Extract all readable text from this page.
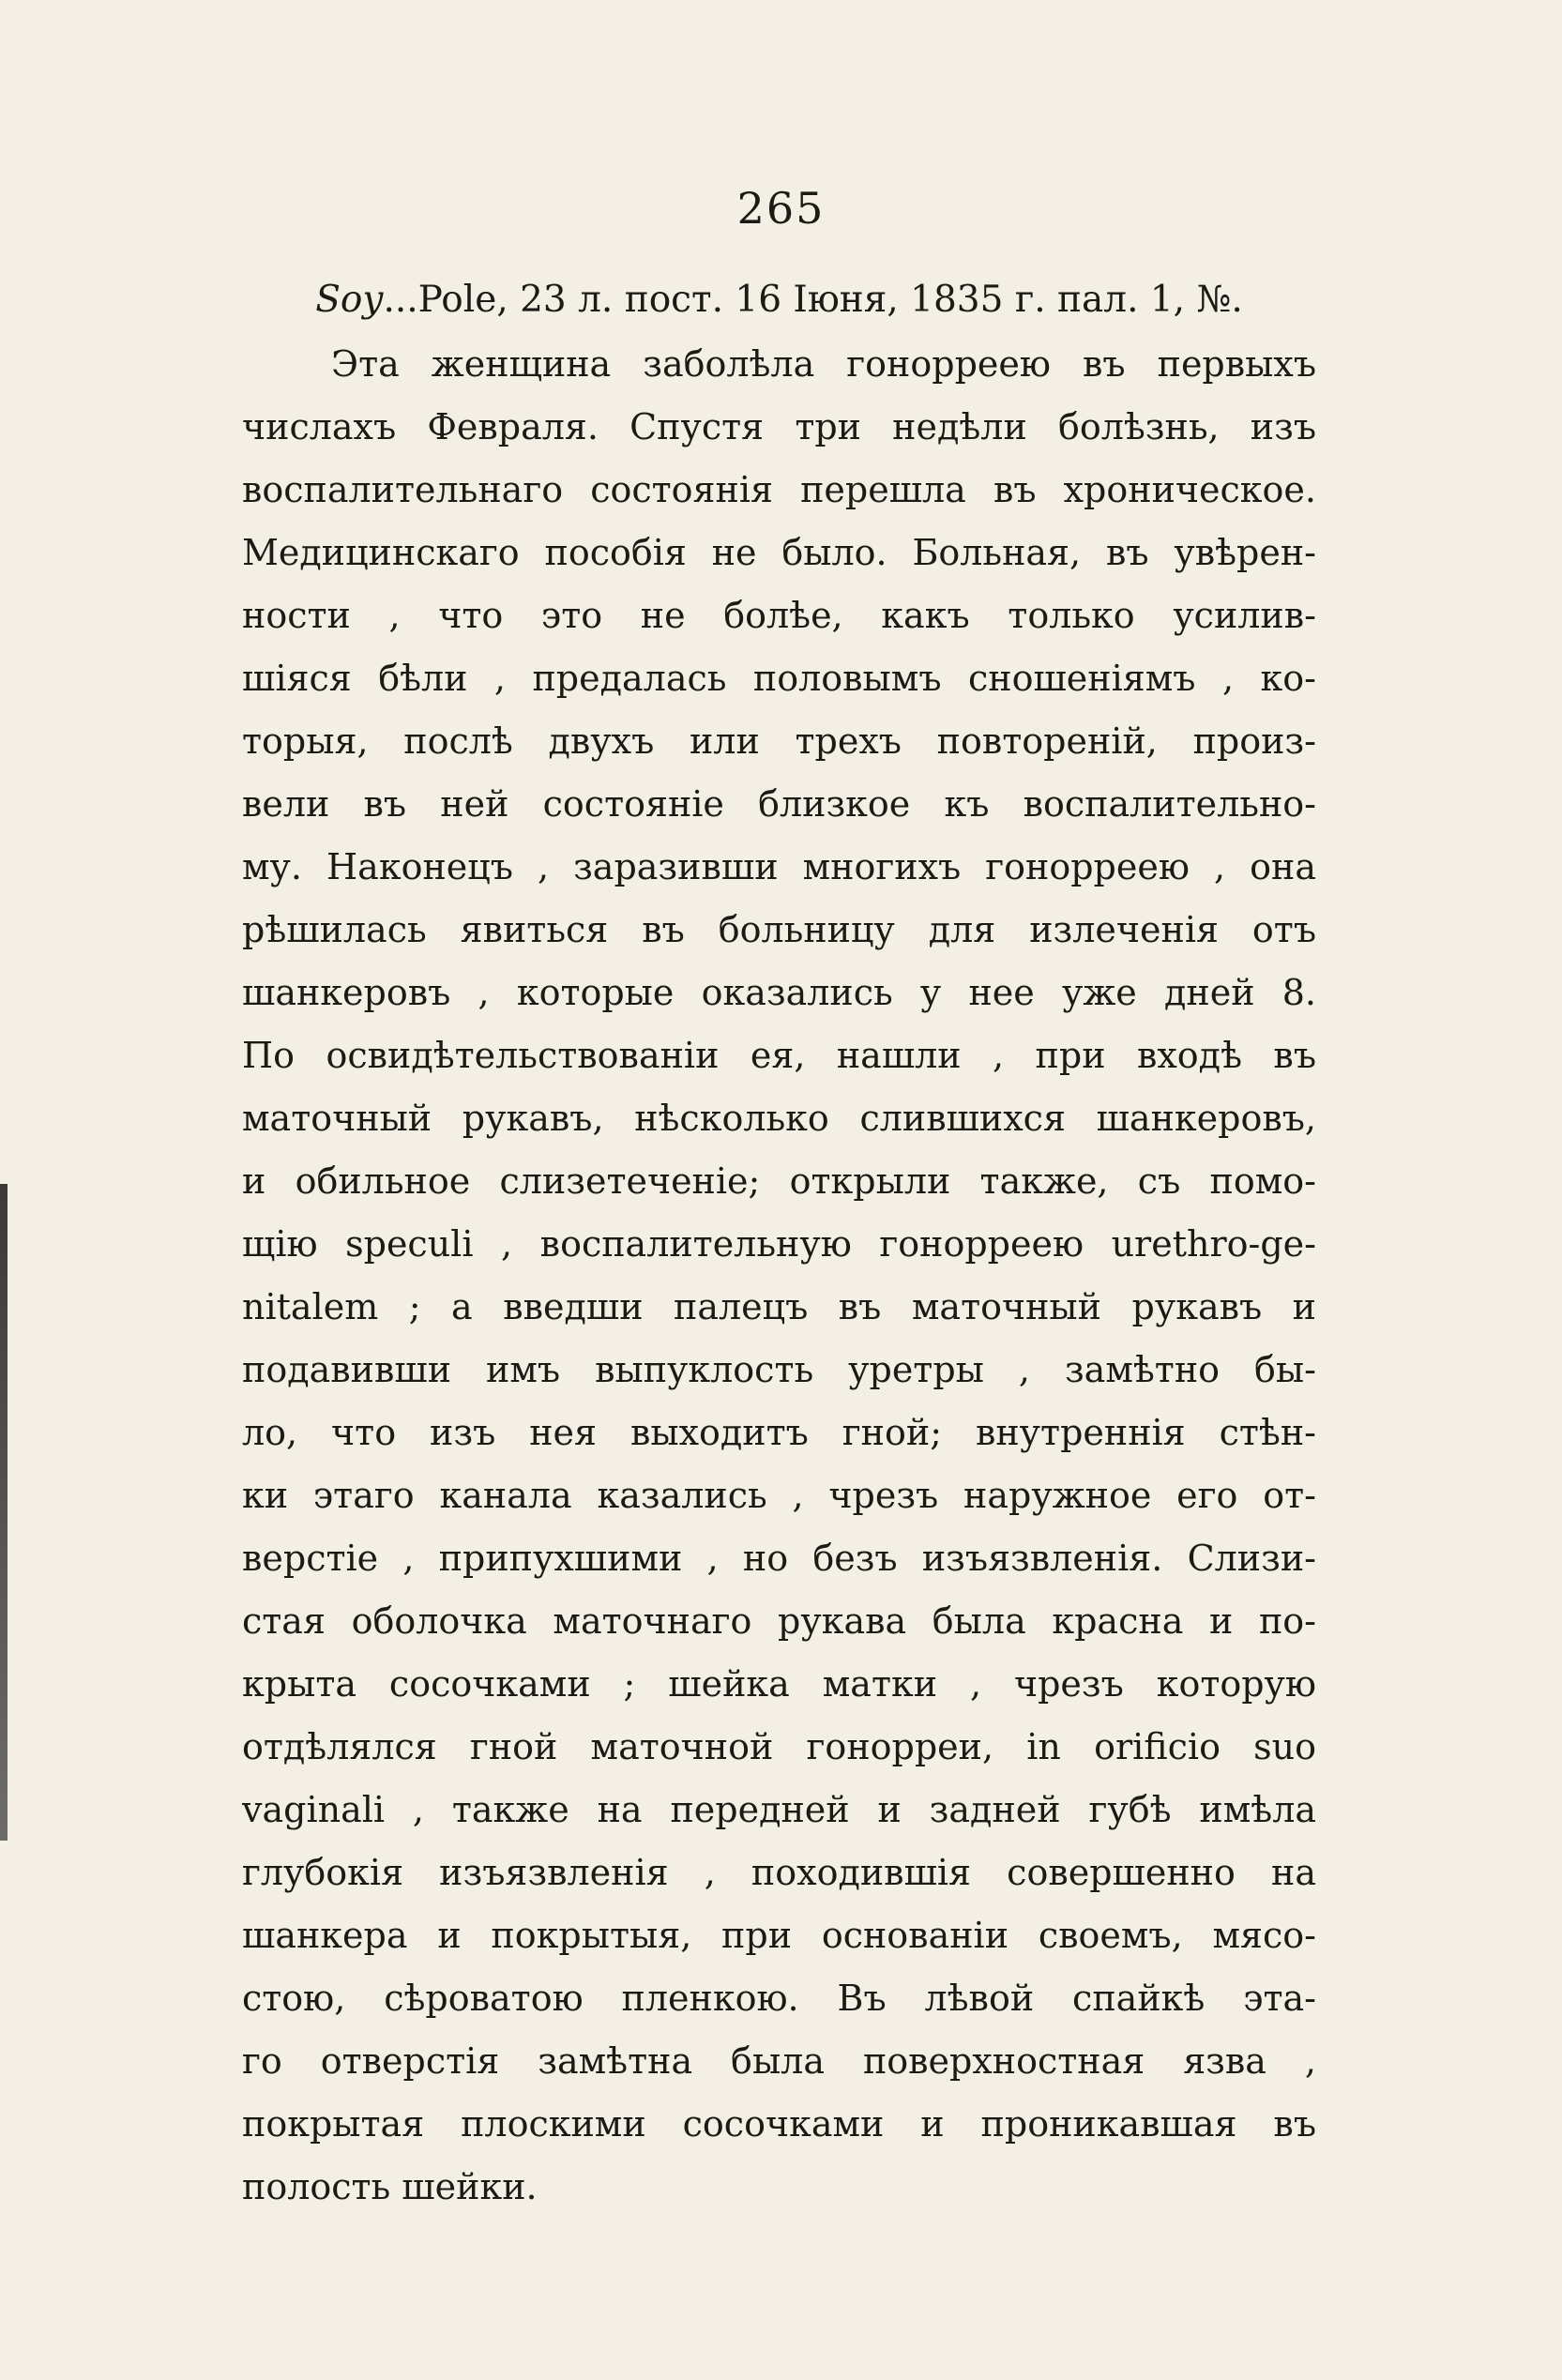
265
Soy...Pole, 23 л. пост. 16 Іюня, 1835 г. пал. 1, №.
Эта женщина заболѣла гонорреею въ первыхъ
числахъ Февраля. Спустя три недѣли болѣзнь, изъ
воспалительнаго состоянія перешла въ хроническое.
Медицинскаго пособія не было. Больная, въ увѣрен-
ности , что это не болѣе, какъ только усилив-
шіяся бѣли , предалась половымъ сношеніямъ , ко-
торыя, послѣ двухъ или трехъ повтореній, произ-
вели въ ней состояніе близкое къ воспалительно-
му. Наконецъ , заразивши многихъ гонорреею , она
рѣшилась явиться въ больницу для излеченія отъ
шанкеровъ , которые оказались у нее уже дней 8.
По освидѣтельствованіи ея, нашли , при входѣ въ
маточный рукавъ, нѣсколько слившихся шанкеровъ,
и обильное слизетеченіе; открыли также, съ помо-
щію speculi , воспалительную гонорреею urethro-ge-
nitalem ; а введши палецъ въ маточный рукавъ и
подавивши имъ выпуклость уретры , замѣтно бы-
ло, что изъ нея выходитъ гной; внутреннія стѣн-
ки этаго канала казались , чрезъ наружное его от-
верстіе , припухшими , но безъ изъязвленія. Слизи-
стая оболочка маточнаго рукава была красна и по-
крыта сосочками ; шейка матки , чрезъ которую
отдѣлялся гной маточной гонорреи, in orificio suo
vaginali , также на передней и задней губѣ имѣла
глубокія изъязвленія , походившія совершенно на
шанкера и покрытыя, при основаніи своемъ, мясо-
стою, сѣроватою пленкою. Въ лѣвой спайкѣ эта-
го отверстія замѣтна была поверхностная язва ,
покрытая плоскими сосочками и проникавшая въ
полость шейки.
